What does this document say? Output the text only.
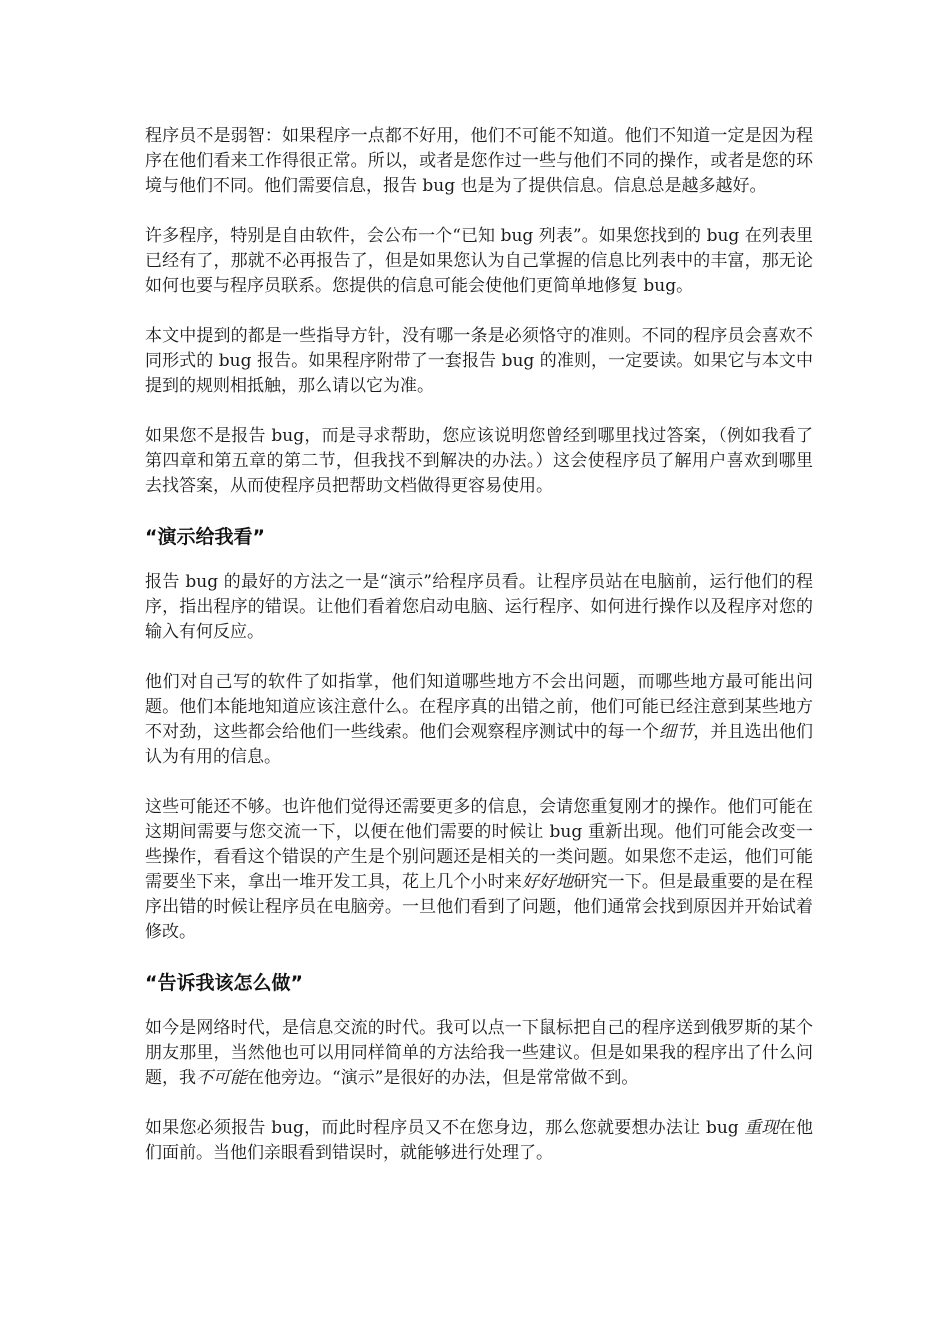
程序员不是弱智：如果程序一点都不好用，他们不可能不知道。他们不知道一定是因为程序在他们看来工作得很正常。所以，或者是您作过一些与他们不同的操作，或者是您的环境与他们不同。他们需要信息，报告 bug 也是为了提供信息。信息总是越多越好。

许多程序，特别是自由软件，会公布一个“已知 bug 列表”。如果您找到的 bug 在列表里已经有了，那就不必再报告了，但是如果您认为自己掌握的信息比列表中的丰富，那无论如何也要与程序员联系。您提供的信息可能会使他们更简单地修复 bug。

本文中提到的都是一些指导方针，没有哪一条是必须恪守的准则。不同的程序员会喜欢不同形式的 bug 报告。如果程序附带了一套报告 bug 的准则，一定要读。如果它与本文中提到的规则相抵触，那么请以它为准。

如果您不是报告 bug，而是寻求帮助，您应该说明您曾经到哪里找过答案，（例如我看了第四章和第五章的第二节，但我找不到解决的办法。）这会使程序员了解用户喜欢到哪里去找答案，从而使程序员把帮助文档做得更容易使用。

“演示给我看”

报告 bug 的最好的方法之一是“演示”给程序员看。让程序员站在电脑前，运行他们的程序，指出程序的错误。让他们看着您启动电脑、运行程序、如何进行操作以及程序对您的输入有何反应。

他们对自己写的软件了如指掌，他们知道哪些地方不会出问题，而哪些地方最可能出问题。他们本能地知道应该注意什么。在程序真的出错之前，他们可能已经注意到某些地方不对劲，这些都会给他们一些线索。他们会观察程序测试中的每一个细节，并且选出他们认为有用的信息。

这些可能还不够。也许他们觉得还需要更多的信息，会请您重复刚才的操作。他们可能在这期间需要与您交流一下，以便在他们需要的时候让 bug 重新出现。他们可能会改变一些操作，看看这个错误的产生是个别问题还是相关的一类问题。如果您不走运，他们可能需要坐下来，拿出一堆开发工具，花上几个小时来好好地研究一下。但是最重要的是在程序出错的时候让程序员在电脑旁。一旦他们看到了问题，他们通常会找到原因并开始试着修改。

“告诉我该怎么做”

如今是网络时代，是信息交流的时代。我可以点一下鼠标把自己的程序送到俄罗斯的某个朋友那里，当然他也可以用同样简单的方法给我一些建议。但是如果我的程序出了什么问题，我不可能在他旁边。“演示”是很好的办法，但是常常做不到。

如果您必须报告 bug，而此时程序员又不在您身边，那么您就要想办法让 bug 重现在他们面前。当他们亲眼看到错误时，就能够进行处理了。
